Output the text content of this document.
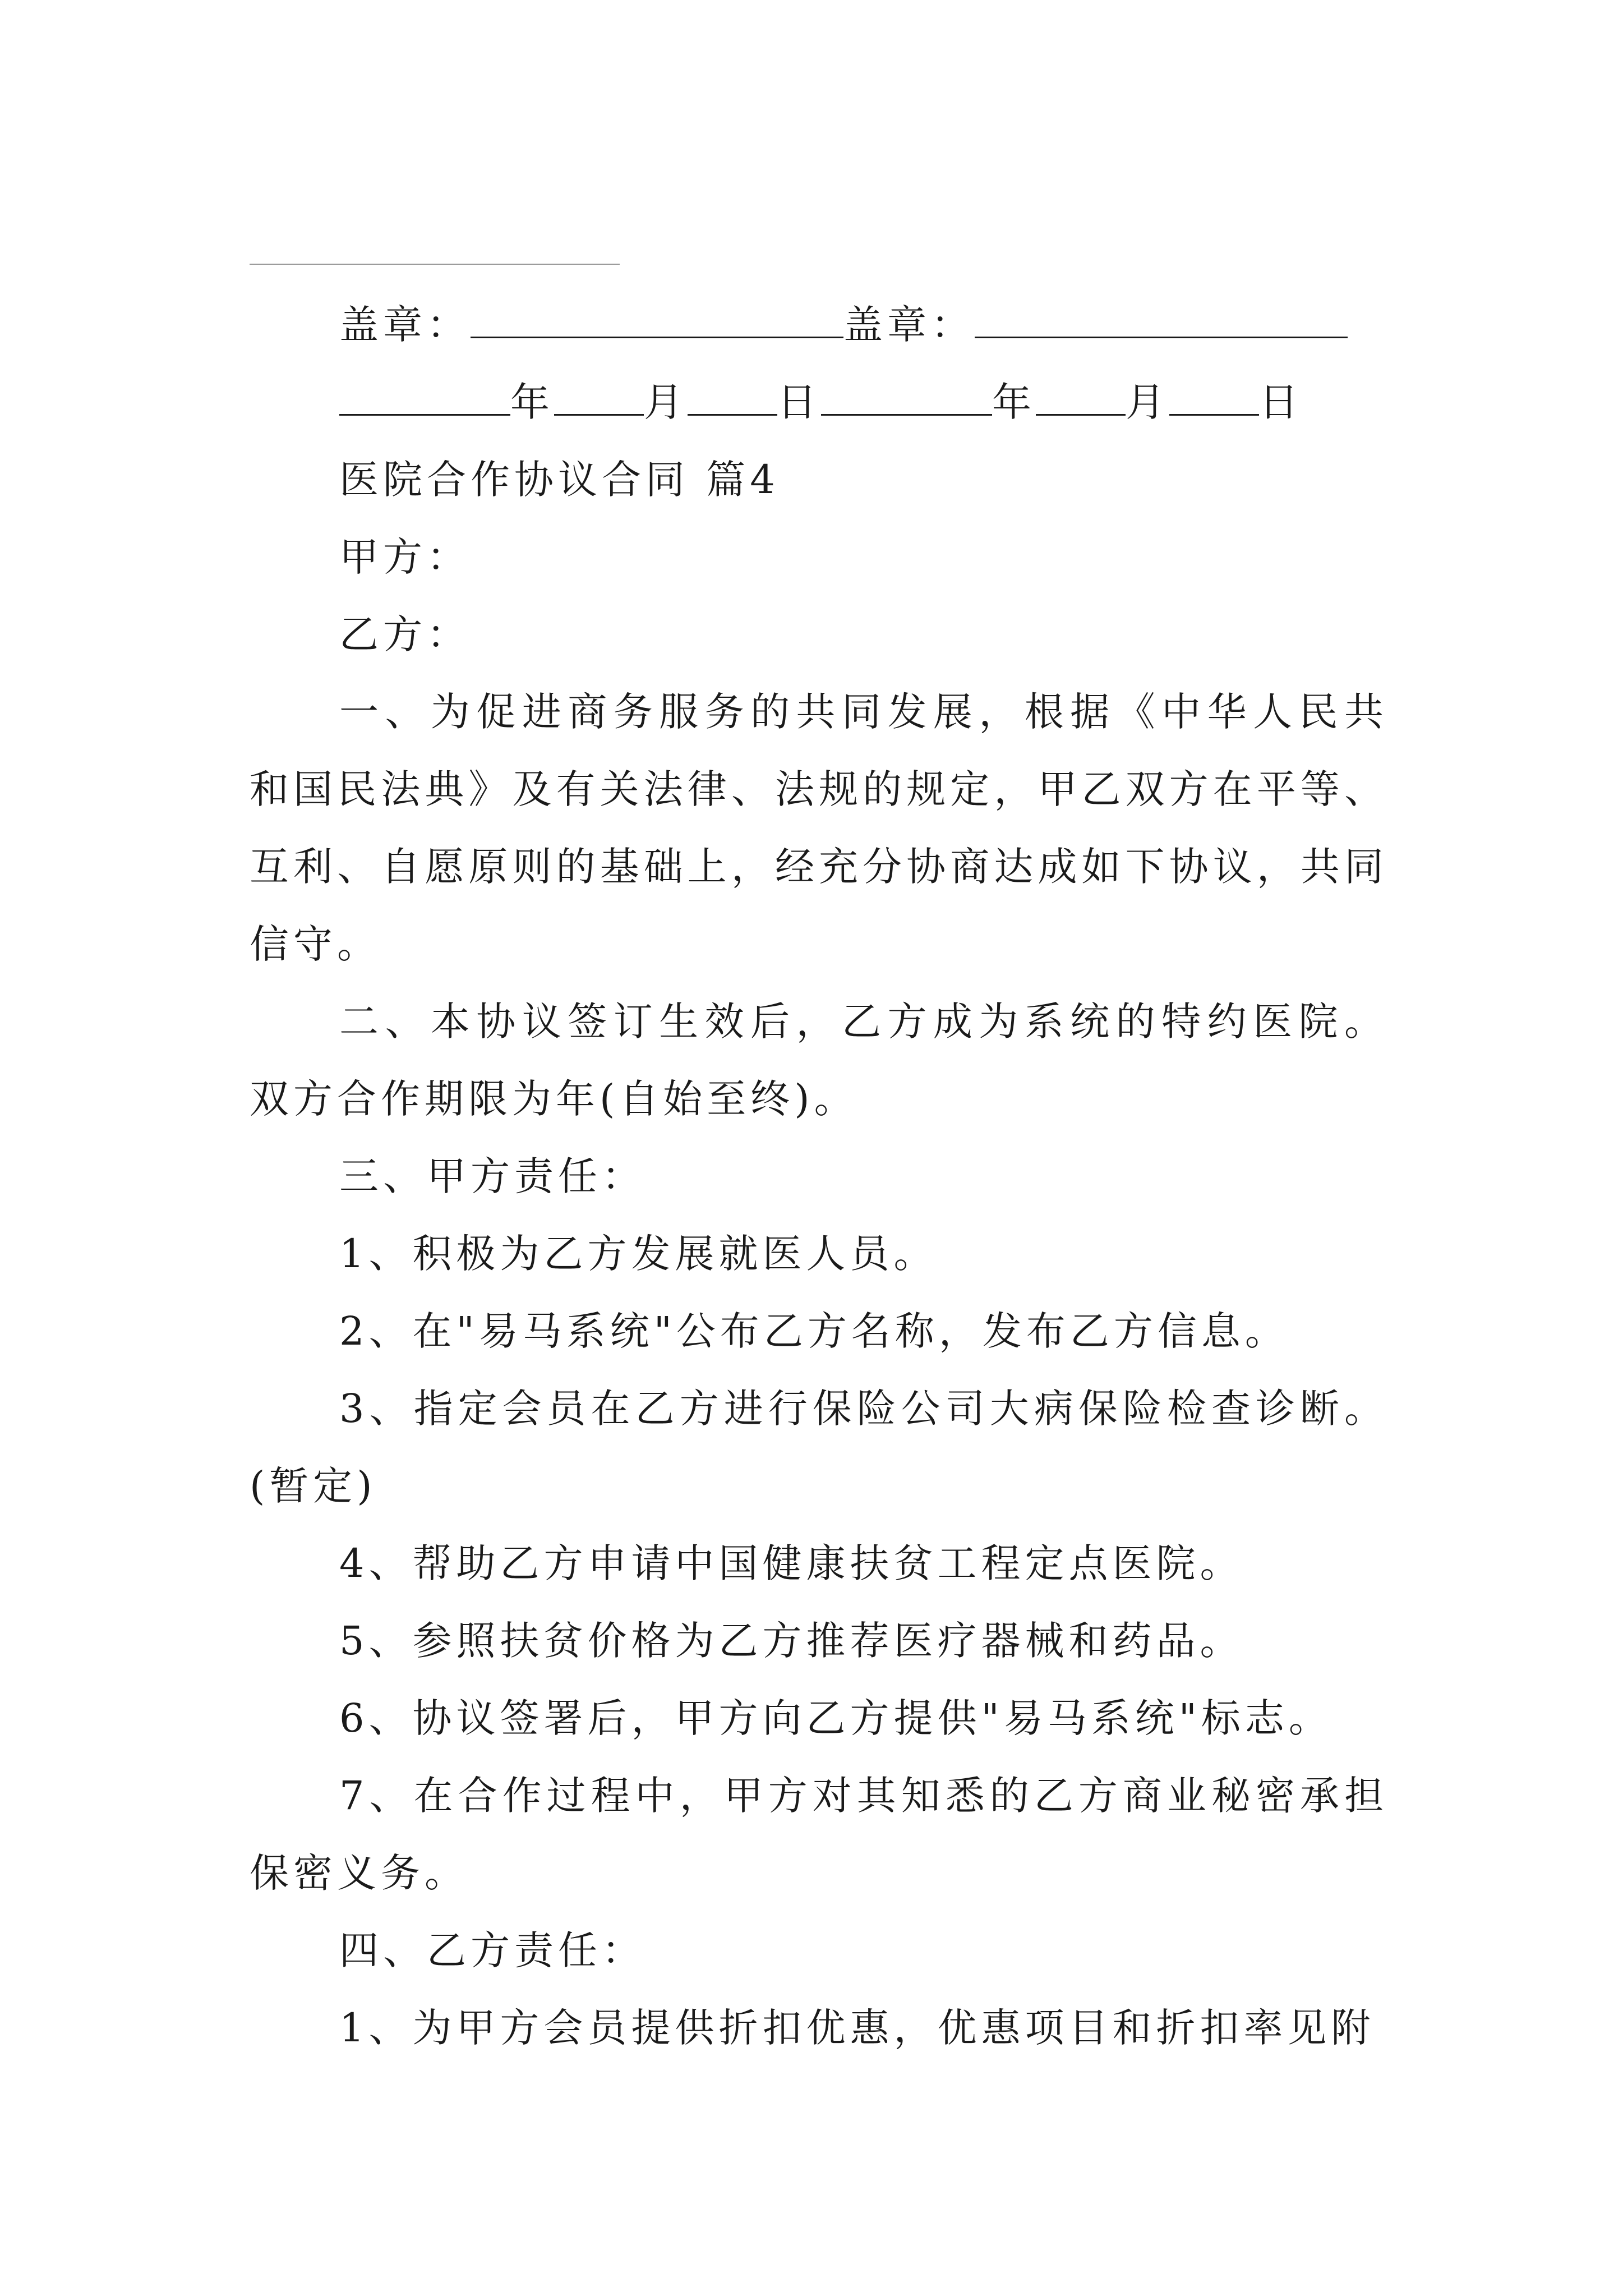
盖章：	盖章：
年 月 日	年 月 日
医院合作协议合同 篇4
甲方：
乙方：
一、为促进商务服务的共同发展，根据《中华人民共和国民法典》及有关法律、法规的规定，甲乙双方在平等、互利、自愿原则的基础上，经充分协商达成如下协议，共同信守。
二、本协议签订生效后，乙方成为系统的特约医院。双方合作期限为年(自始至终)。
三、甲方责任：
1、积极为乙方发展就医人员。
2、在"易马系统"公布乙方名称，发布乙方信息。
3、指定会员在乙方进行保险公司大病保险检查诊断。(暂定)
4、帮助乙方申请中国健康扶贫工程定点医院。
5、参照扶贫价格为乙方推荐医疗器械和药品。
6、协议签署后，甲方向乙方提供"易马系统"标志。
7、在合作过程中，甲方对其知悉的乙方商业秘密承担保密义务。
四、乙方责任：
1、为甲方会员提供折扣优惠，优惠项目和折扣率见附
